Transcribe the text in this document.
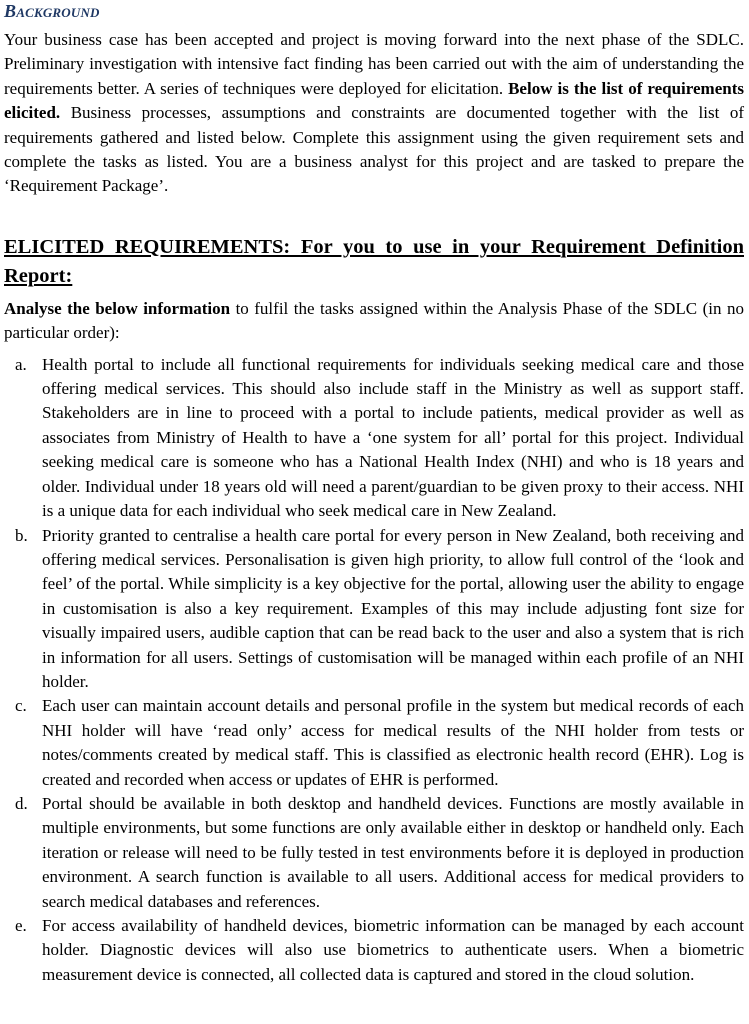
Background

Your business case has been accepted and project is moving forward into the next phase of the SDLC. Preliminary investigation with intensive fact finding has been carried out with the aim of understanding the requirements better. A series of techniques were deployed for elicitation. Below is the list of requirements elicited. Business processes, assumptions and constraints are documented together with the list of requirements gathered and listed below. Complete this assignment using the given requirement sets and complete the tasks as listed. You are a business analyst for this project and are tasked to prepare the ‘Requirement Package’.

ELICITED REQUIREMENTS: For you to use in your Requirement Definition Report:

Analyse the below information to fulfil the tasks assigned within the Analysis Phase of the SDLC (in no particular order):

a. Health portal to include all functional requirements for individuals seeking medical care and those offering medical services. This should also include staff in the Ministry as well as support staff. Stakeholders are in line to proceed with a portal to include patients, medical provider as well as associates from Ministry of Health to have a ‘one system for all’ portal for this project. Individual seeking medical care is someone who has a National Health Index (NHI) and who is 18 years and older. Individual under 18 years old will need a parent/guardian to be given proxy to their access. NHI is a unique data for each individual who seek medical care in New Zealand.
b. Priority granted to centralise a health care portal for every person in New Zealand, both receiving and offering medical services. Personalisation is given high priority, to allow full control of the ‘look and feel’ of the portal. While simplicity is a key objective for the portal, allowing user the ability to engage in customisation is also a key requirement. Examples of this may include adjusting font size for visually impaired users, audible caption that can be read back to the user and also a system that is rich in information for all users. Settings of customisation will be managed within each profile of an NHI holder.
c. Each user can maintain account details and personal profile in the system but medical records of each NHI holder will have ‘read only’ access for medical results of the NHI holder from tests or notes/comments created by medical staff. This is classified as electronic health record (EHR). Log is created and recorded when access or updates of EHR is performed.
d. Portal should be available in both desktop and handheld devices. Functions are mostly available in multiple environments, but some functions are only available either in desktop or handheld only. Each iteration or release will need to be fully tested in test environments before it is deployed in production environment. A search function is available to all users. Additional access for medical providers to search medical databases and references.
e. For access availability of handheld devices, biometric information can be managed by each account holder. Diagnostic devices will also use biometrics to authenticate users. When a biometric measurement device is connected, all collected data is captured and stored in the cloud solution.
